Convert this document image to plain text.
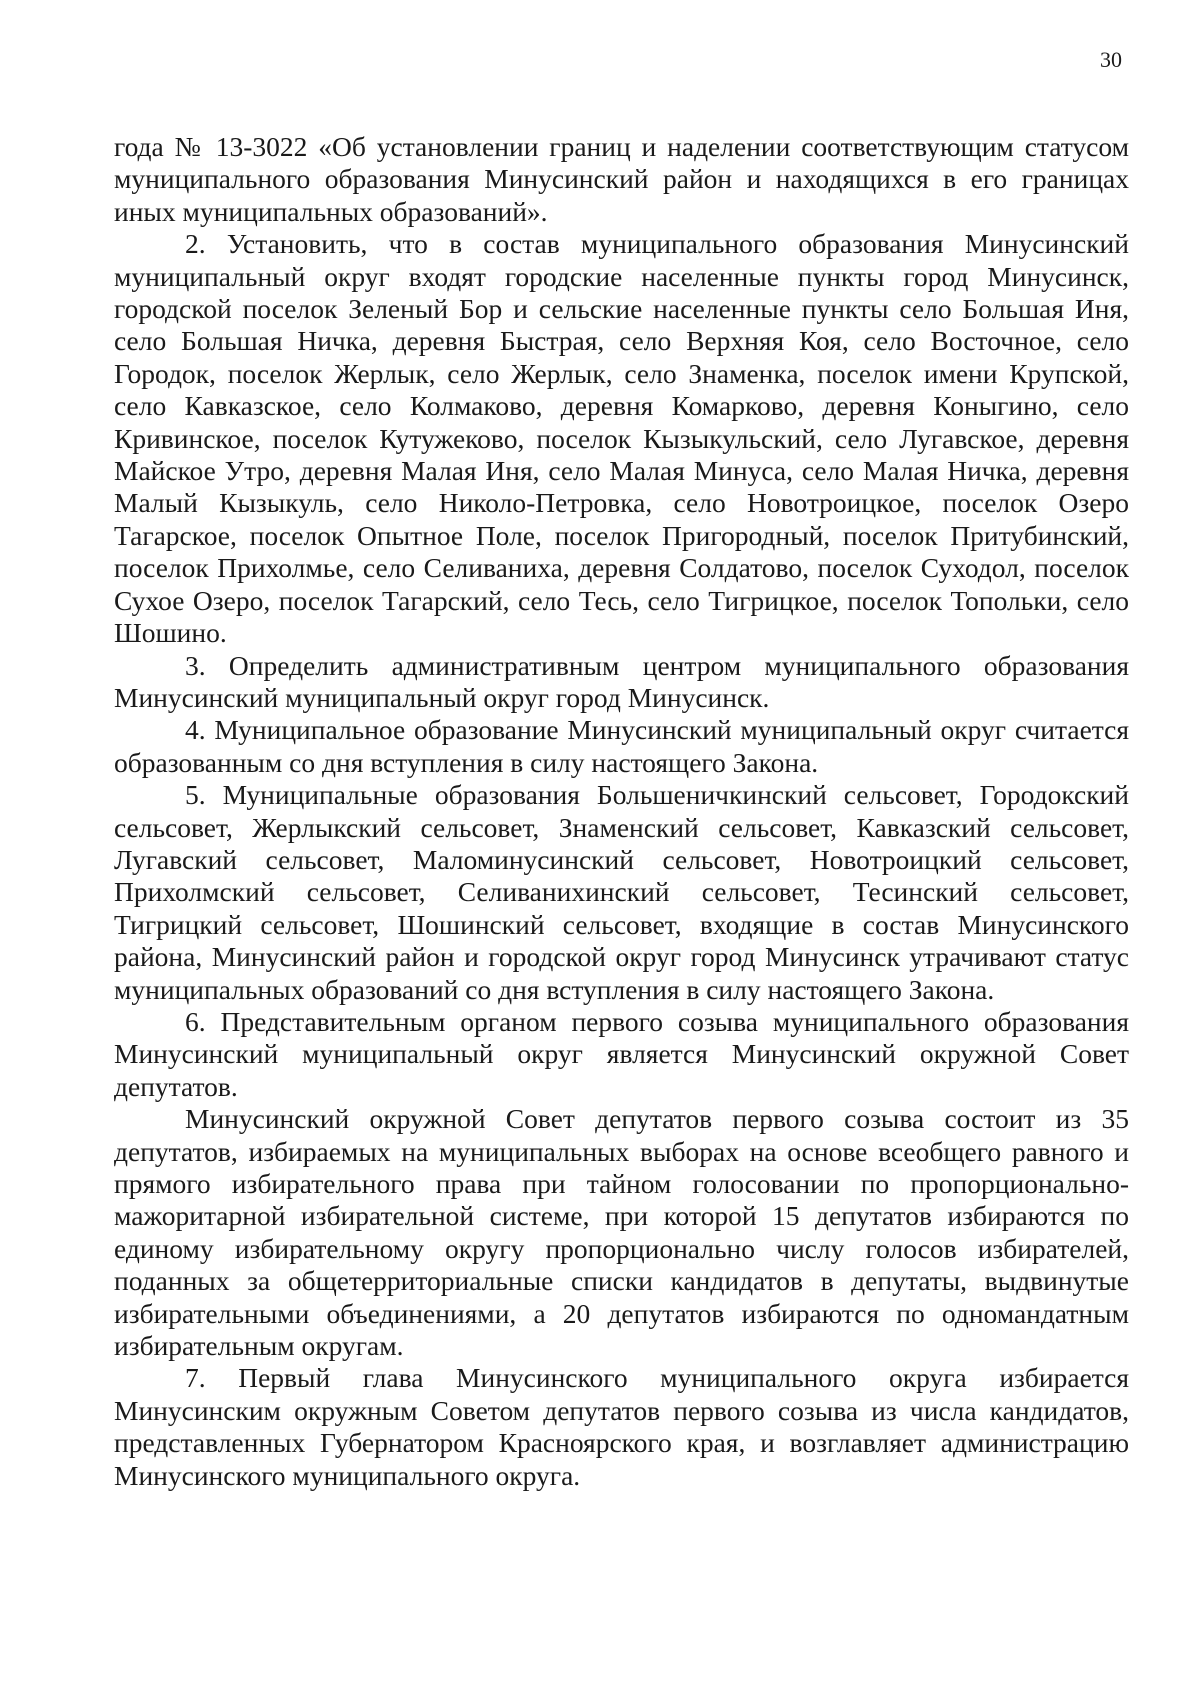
30

года № 13-3022 «Об установлении границ и наделении соответствующим статусом муниципального образования Минусинский район и находящихся в его границах иных муниципальных образований».

2. Установить, что в состав муниципального образования Минусинский муниципальный округ входят городские населенные пункты город Минусинск, городской поселок Зеленый Бор и сельские населенные пункты село Большая Иня, село Большая Ничка, деревня Быстрая, село Верхняя Коя, село Восточное, село Городок, поселок Жерлык, село Жерлык, село Знаменка, поселок имени Крупской, село Кавказское, село Колмаково, деревня Комарково, деревня Коныгино, село Кривинское, поселок Кутужеково, поселок Кызыкульский, село Лугавское, деревня Майское Утро, деревня Малая Иня, село Малая Минуса, село Малая Ничка, деревня Малый Кызыкуль, село Николо-Петровка, село Новотроицкое, поселок Озеро Тагарское, поселок Опытное Поле, поселок Пригородный, поселок Притубинский, поселок Прихолмье, село Селиваниха, деревня Солдатово, поселок Суходол, поселок Сухое Озеро, поселок Тагарский, село Тесь, село Тигрицкое, поселок Топольки, село Шошино.

3. Определить административным центром муниципального образования Минусинский муниципальный округ город Минусинск.

4. Муниципальное образование Минусинский муниципальный округ считается образованным со дня вступления в силу настоящего Закона.

5. Муниципальные образования Большеничкинский сельсовет, Городокский сельсовет, Жерлыкский сельсовет, Знаменский сельсовет, Кавказский сельсовет, Лугавский сельсовет, Маломинусинский сельсовет, Новотроицкий сельсовет, Прихолмский сельсовет, Селиванихинский сельсовет, Тесинский сельсовет, Тигрицкий сельсовет, Шошинский сельсовет, входящие в состав Минусинского района, Минусинский район и городской округ город Минусинск утрачивают статус муниципальных образований со дня вступления в силу настоящего Закона.

6. Представительным органом первого созыва муниципального образования Минусинский муниципальный округ является Минусинский окружной Совет депутатов.

Минусинский окружной Совет депутатов первого созыва состоит из 35 депутатов, избираемых на муниципальных выборах на основе всеобщего равного и прямого избирательного права при тайном голосовании по пропорционально-мажоритарной избирательной системе, при которой 15 депутатов избираются по единому избирательному округу пропорционально числу голосов избирателей, поданных за общетерриториальные списки кандидатов в депутаты, выдвинутые избирательными объединениями, а 20 депутатов избираются по одномандатным избирательным округам.

7. Первый глава Минусинского муниципального округа избирается Минусинским окружным Советом депутатов первого созыва из числа кандидатов, представленных Губернатором Красноярского края, и возглавляет администрацию Минусинского муниципального округа.
